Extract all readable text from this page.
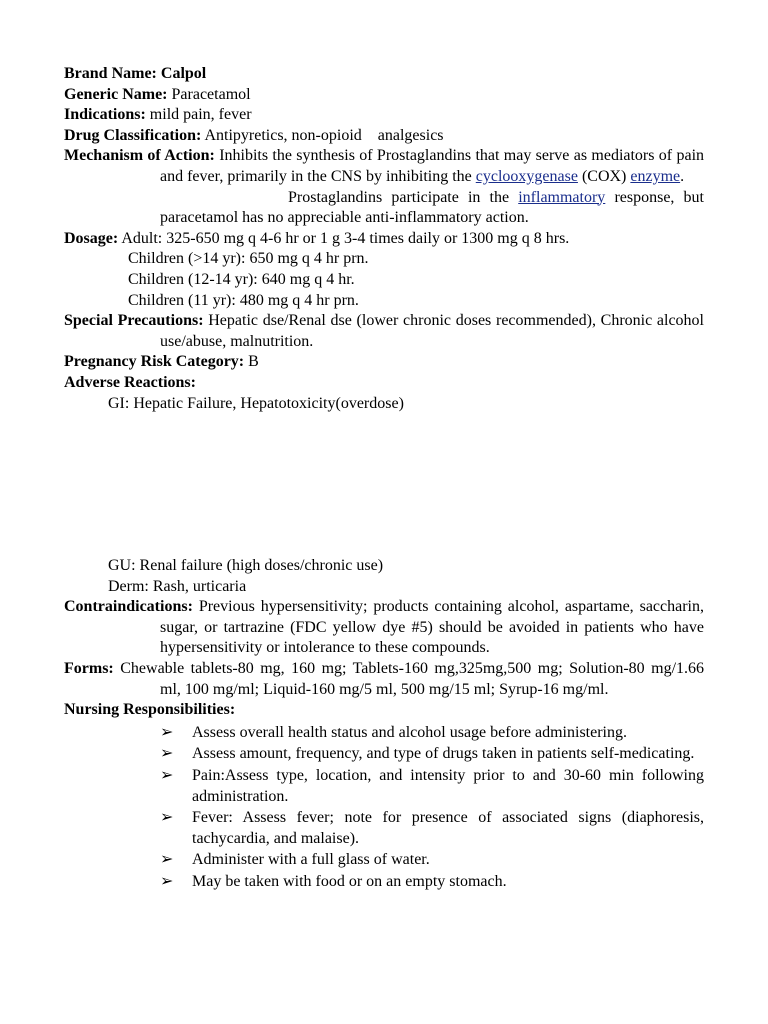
Brand Name: Calpol

Generic Name: Paracetamol

Indications: mild pain, fever

Drug Classification: Antipyretics, non-opioid    analgesics

Mechanism of Action: Inhibits the synthesis of Prostaglandins that may serve as mediators of pain and fever, primarily in the CNS by inhibiting the cyclooxygenase (COX) enzyme.

Prostaglandins participate in the inflammatory response, but paracetamol has no appreciable anti-inflammatory action.

Dosage: Adult: 325-650 mg q 4-6 hr or 1 g 3-4 times daily or 1300 mg q 8 hrs.

Children (>14 yr): 650 mg q 4 hr prn.

Children (12-14 yr): 640 mg q 4 hr.

Children (11 yr): 480 mg q 4 hr prn.

Special Precautions: Hepatic dse/Renal dse (lower chronic doses recommended), Chronic alcohol use/abuse, malnutrition.

Pregnancy Risk Category: B

Adverse Reactions:

GI: Hepatic Failure, Hepatotoxicity(overdose)

GU: Renal failure (high doses/chronic use)

Derm: Rash, urticaria

Contraindications: Previous hypersensitivity; products containing alcohol, aspartame, saccharin, sugar, or tartrazine (FDC yellow dye #5) should be avoided in patients who have hypersensitivity or intolerance to these compounds.

Forms: Chewable tablets-80 mg, 160 mg; Tablets-160 mg,325mg,500 mg; Solution-80 mg/1.66 ml, 100 mg/ml; Liquid-160 mg/5 ml, 500 mg/15 ml; Syrup-16 mg/ml.

Nursing Responsibilities:

➢ Assess overall health status and alcohol usage before administering.
➢ Assess amount, frequency, and type of drugs taken in patients self-medicating.
➢ Pain:Assess type, location, and intensity prior to and 30-60 min following administration.
➢ Fever: Assess fever; note for presence of associated signs (diaphoresis, tachycardia, and malaise).
➢ Administer with a full glass of water.
➢ May be taken with food or on an empty stomach.
